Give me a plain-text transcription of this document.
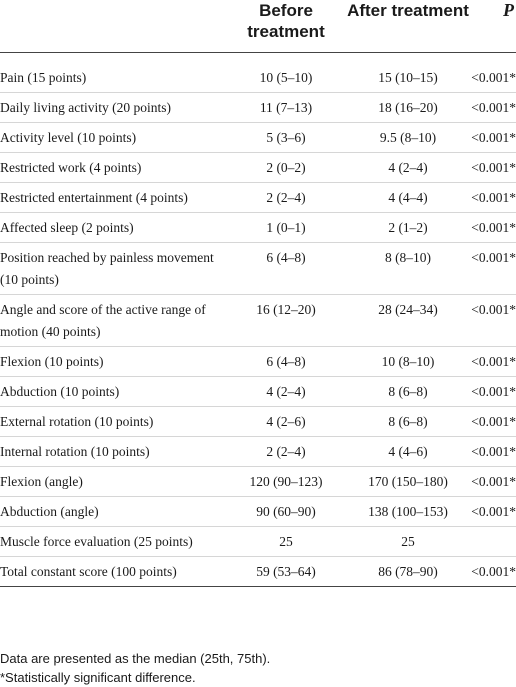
	Before treatment	After treatment	P
Pain (15 points)	10 (5–10)	15 (10–15)	<0.001*
Daily living activity (20 points)	11 (7–13)	18 (16–20)	<0.001*
Activity level (10 points)	5 (3–6)	9.5 (8–10)	<0.001*
Restricted work (4 points)	2 (0–2)	4 (2–4)	<0.001*
Restricted entertainment (4 points)	2 (2–4)	4 (4–4)	<0.001*
Affected sleep (2 points)	1 (0–1)	2 (1–2)	<0.001*
Position reached by painless movement (10 points)	6 (4–8)	8 (8–10)	<0.001*
Angle and score of the active range of motion (40 points)	16 (12–20)	28 (24–34)	<0.001*
Flexion (10 points)	6 (4–8)	10 (8–10)	<0.001*
Abduction (10 points)	4 (2–4)	8 (6–8)	<0.001*
External rotation (10 points)	4 (2–6)	8 (6–8)	<0.001*
Internal rotation (10 points)	2 (2–4)	4 (4–6)	<0.001*
Flexion (angle)	120 (90–123)	170 (150–180)	<0.001*
Abduction (angle)	90 (60–90)	138 (100–153)	<0.001*
Muscle force evaluation (25 points)	25	25	
Total constant score (100 points)	59 (53–64)	86 (78–90)	<0.001*
Data are presented as the median (25th, 75th).
*Statistically significant difference.
